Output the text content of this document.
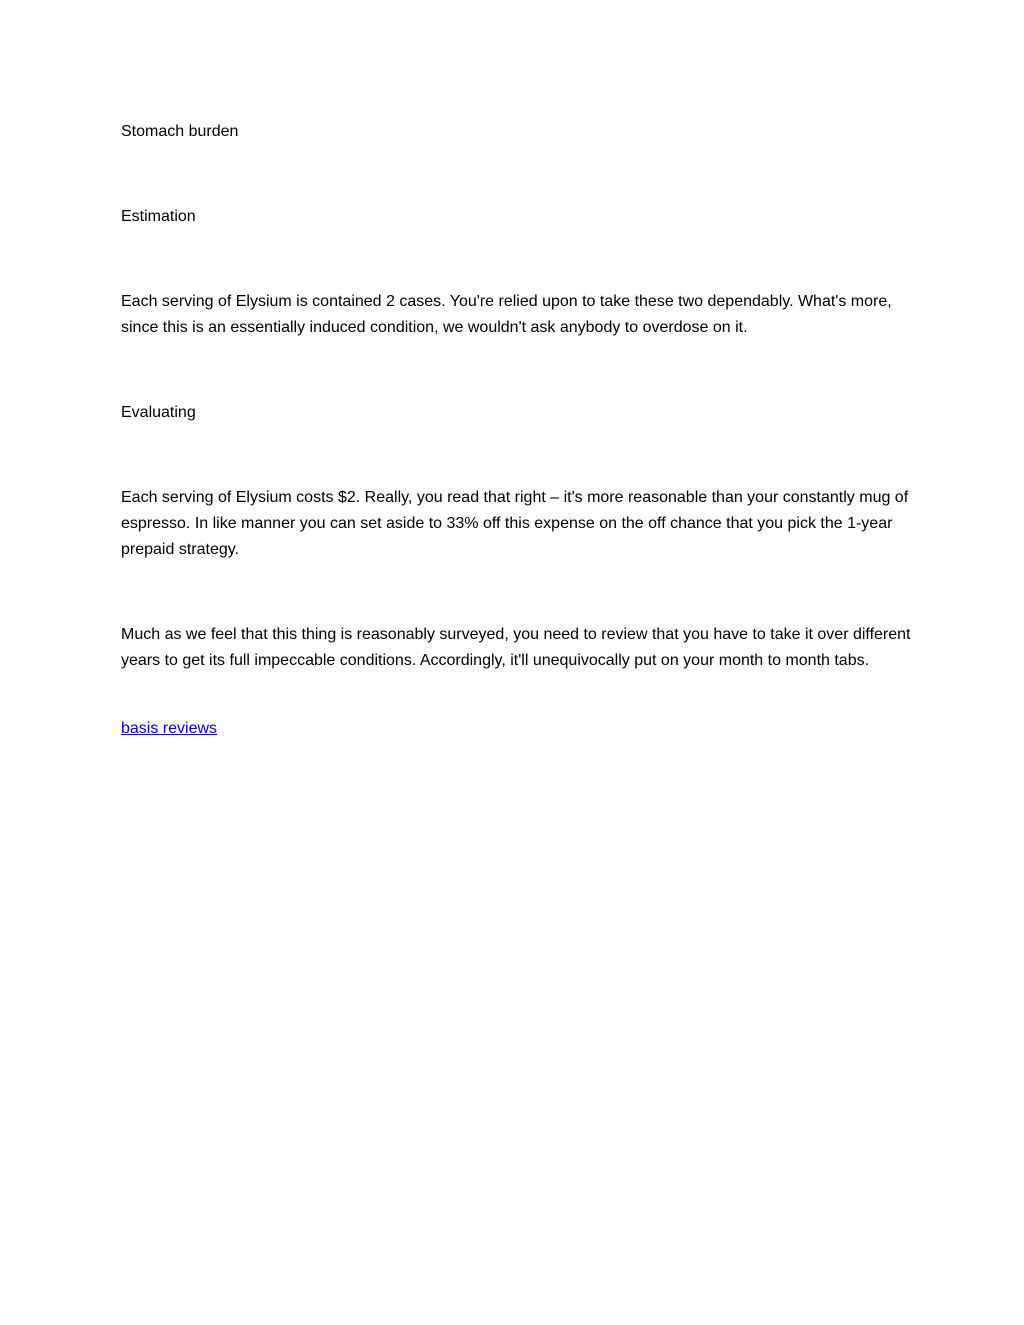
Stomach burden

Estimation

Each serving of Elysium is contained 2 cases. You're relied upon to take these two dependably. What's more, since this is an essentially induced condition, we wouldn't ask anybody to overdose on it.

Evaluating

Each serving of Elysium costs $2. Really, you read that right – it's more reasonable than your constantly mug of espresso. In like manner you can set aside to 33% off this expense on the off chance that you pick the 1-year prepaid strategy.

Much as we feel that this thing is reasonably surveyed, you need to review that you have to take it over different years to get its full impeccable conditions. Accordingly, it'll unequivocally put on your month to month tabs.

basis reviews
